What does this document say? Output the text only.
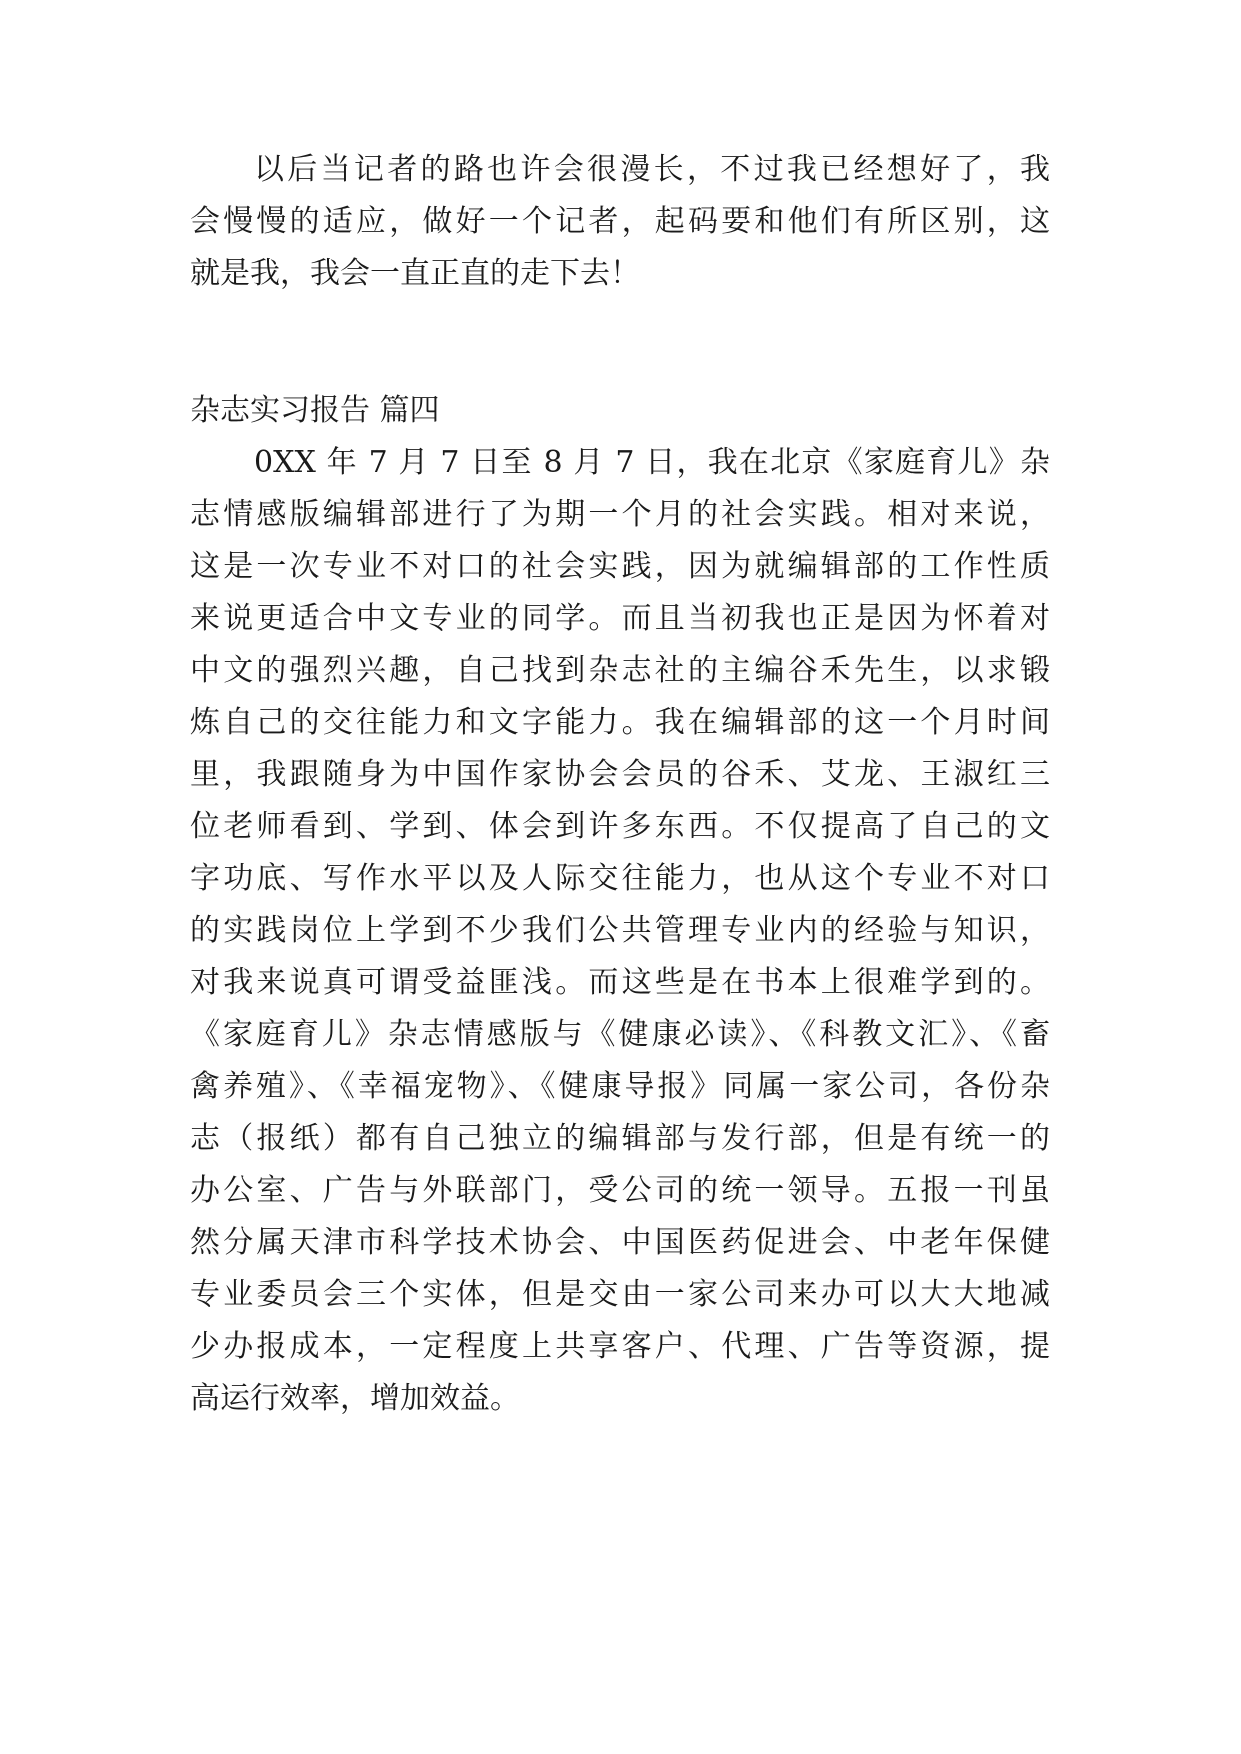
以后当记者的路也许会很漫长，不过我已经想好了，我
会慢慢的适应，做好一个记者，起码要和他们有所区别，这
就是我，我会一直正直的走下去！
杂志实习报告 篇四
0XX 年 7 月 7 日至 8 月 7 日，我在北京《家庭育儿》杂
志情感版编辑部进行了为期一个月的社会实践。相对来说，
这是一次专业不对口的社会实践，因为就编辑部的工作性质
来说更适合中文专业的同学。而且当初我也正是因为怀着对
中文的强烈兴趣，自己找到杂志社的主编谷禾先生，以求锻
炼自己的交往能力和文字能力。我在编辑部的这一个月时间
里，我跟随身为中国作家协会会员的谷禾、艾龙、王淑红三
位老师看到、学到、体会到许多东西。不仅提高了自己的文
字功底、写作水平以及人际交往能力，也从这个专业不对口
的实践岗位上学到不少我们公共管理专业内的经验与知识，
对我来说真可谓受益匪浅。而这些是在书本上很难学到的。
《家庭育儿》杂志情感版与《健康必读》、《科教文汇》、《畜
禽养殖》、《幸福宠物》、《健康导报》同属一家公司，各份杂
志（报纸）都有自己独立的编辑部与发行部，但是有统一的
办公室、广告与外联部门，受公司的统一领导。五报一刊虽
然分属天津市科学技术协会、中国医药促进会、中老年保健
专业委员会三个实体，但是交由一家公司来办可以大大地减
少办报成本，一定程度上共享客户、代理、广告等资源，提
高运行效率，增加效益。
